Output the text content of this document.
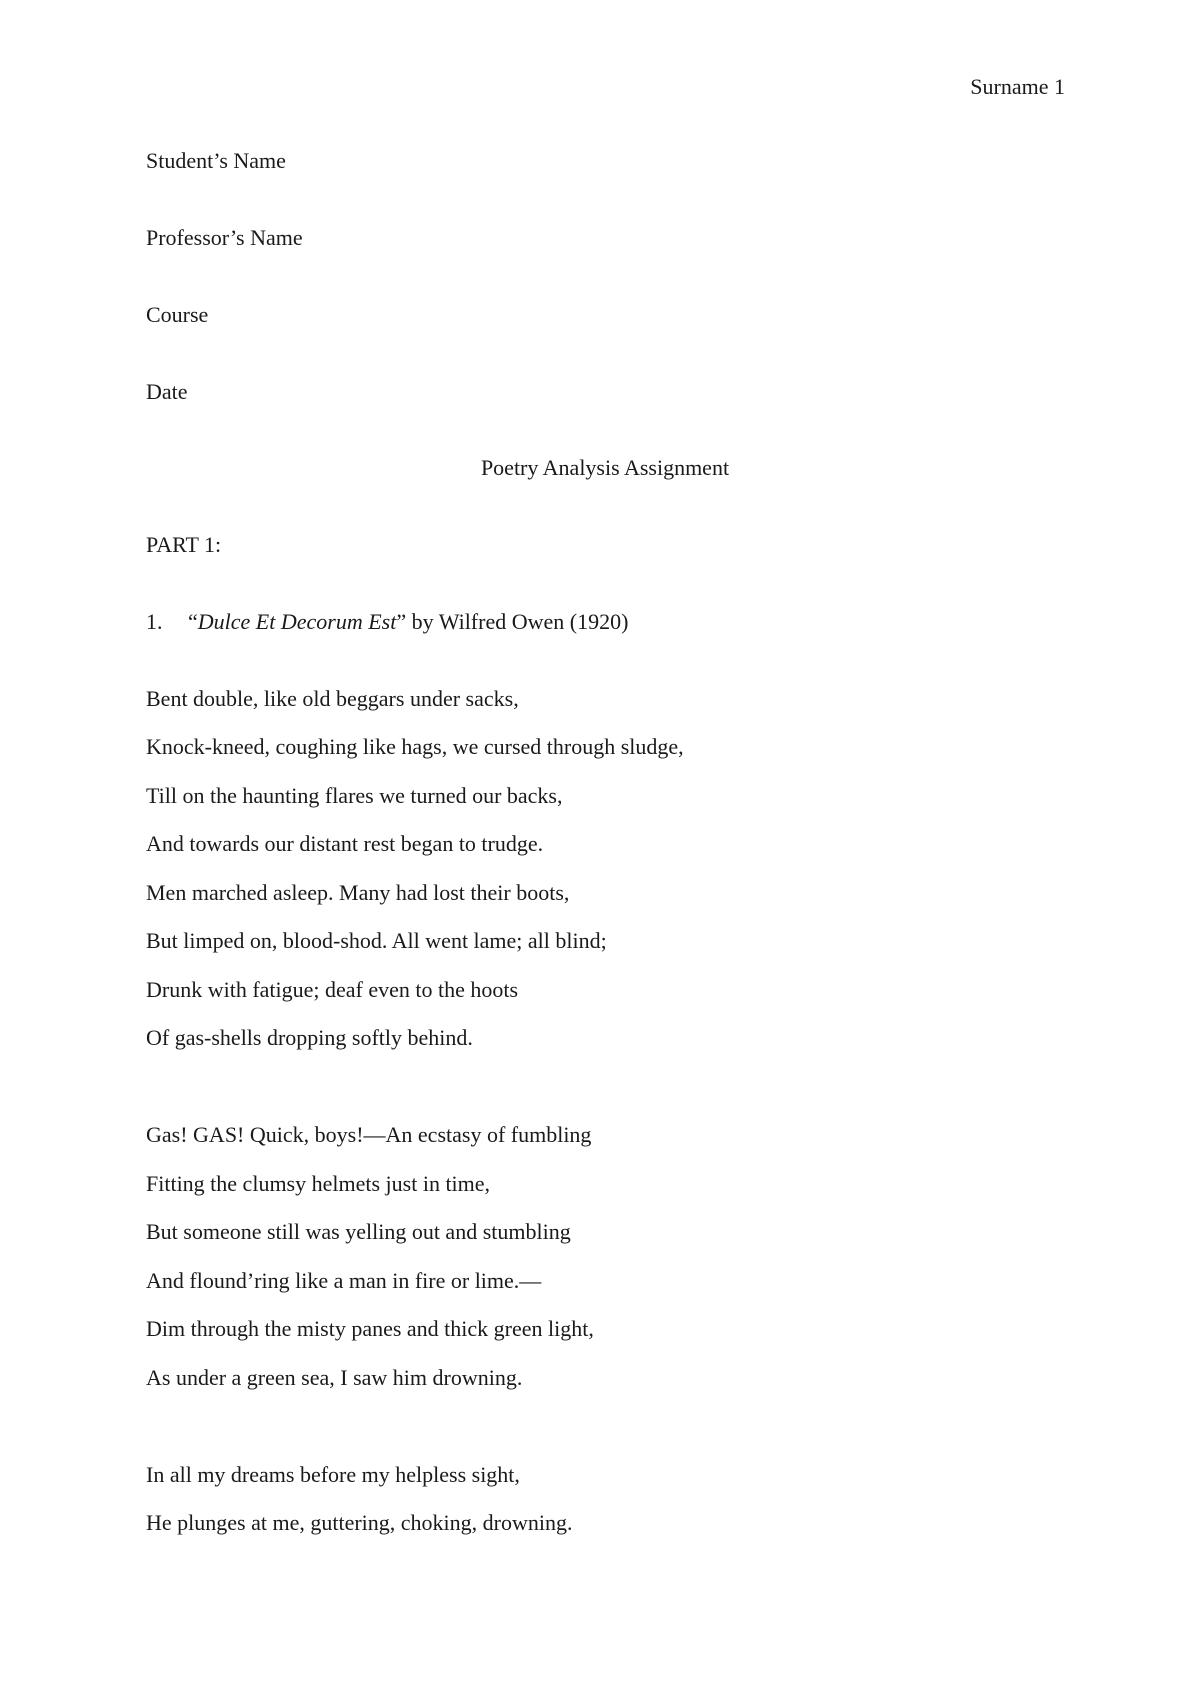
Surname 1
Student’s Name
Professor’s Name
Course
Date
Poetry Analysis Assignment
PART 1:
1. “Dulce Et Decorum Est” by Wilfred Owen (1920)
Bent double, like old beggars under sacks,
Knock-kneed, coughing like hags, we cursed through sludge,
Till on the haunting flares we turned our backs,
And towards our distant rest began to trudge.
Men marched asleep. Many had lost their boots,
But limped on, blood-shod. All went lame; all blind;
Drunk with fatigue; deaf even to the hoots
Of gas-shells dropping softly behind.
Gas! GAS! Quick, boys!—An ecstasy of fumbling
Fitting the clumsy helmets just in time,
But someone still was yelling out and stumbling
And flound’ring like a man in fire or lime.—
Dim through the misty panes and thick green light,
As under a green sea, I saw him drowning.
In all my dreams before my helpless sight,
He plunges at me, guttering, choking, drowning.
